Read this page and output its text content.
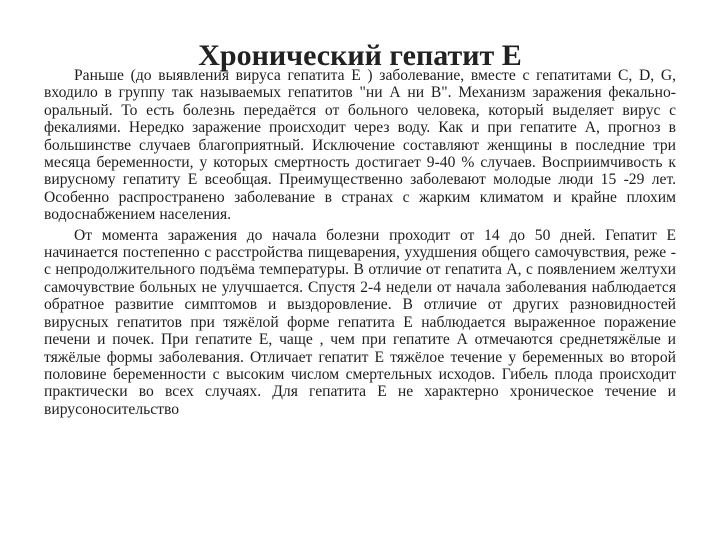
Хронический гепатит Е

Раньше (до выявления вируса гепатита Е ) заболевание, вместе с гепатитами С, D, G, входило в группу так называемых гепатитов "ни А ни В". Механизм заражения фекально-оральный. То есть болезнь передаётся от больного человека, который выделяет вирус с фекалиями. Нередко заражение происходит через воду. Как и при гепатите А, прогноз в большинстве случаев благоприятный. Исключение составляют женщины в последние три месяца беременности, у которых смертность достигает 9-40 % случаев. Восприимчивость к вирусному гепатиту Е всеобщая. Преимущественно заболевают молодые люди 15 -29 лет. Особенно распространено заболевание в странах с жарким климатом и крайне плохим водоснабжением населения.

От момента заражения до начала болезни проходит от 14 до 50 дней. Гепатит Е начинается постепенно с расстройства пищеварения, ухудшения общего самочувствия, реже - с непродолжительного подъёма температуры. В отличие от гепатита А, с появлением желтухи самочувствие больных не улучшается. Спустя 2-4 недели от начала заболевания наблюдается обратное развитие симптомов и выздоровление. В отличие от других разновидностей вирусных гепатитов при тяжёлой форме гепатита Е наблюдается выраженное поражение печени и почек. При гепатите Е, чаще , чем при гепатите А отмечаются среднетяжёлые и тяжёлые формы заболевания. Отличает гепатит Е тяжёлое течение у беременных во второй половине беременности с высоким числом смертельных исходов. Гибель плода происходит практически во всех случаях. Для гепатита Е не характерно хроническое течение и вирусоносительство
